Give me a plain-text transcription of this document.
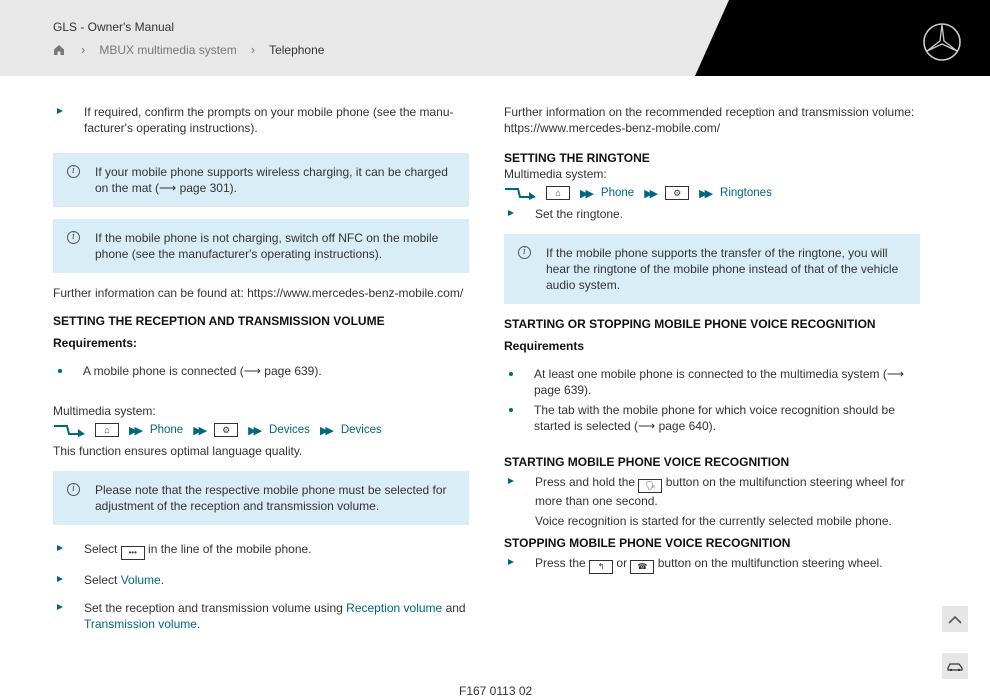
GLS - Owner's Manual
› MBUX multimedia system › Telephone
If required, confirm the prompts on your mobile phone (see the manu-facturer's operating instructions).
i	If your mobile phone supports wireless charging, it can be charged on the mat (⟶ page 301).
i	If the mobile phone is not charging, switch off NFC on the mobile phone (see the manufacturer's operating instructions).
Further information can be found at: https://www.mercedes-benz-mobile.com/
SETTING THE RECEPTION AND TRANSMISSION VOLUME
Requirements:
A mobile phone is connected (⟶ page 639).
Multimedia system:
⌂	▶▶ Phone ▶▶	⚙	▶▶ Devices ▶▶ Devices
This function ensures optimal language quality.
i	Please note that the respective mobile phone must be selected for adjustment of the reception and transmission volume.
Select ••• in the line of the mobile phone.
Select Volume.
Set the reception and transmission volume using Reception volume and Transmission volume.
Further information on the recommended reception and transmission volume: https://www.mercedes-benz-mobile.com/
SETTING THE RINGTONE
Multimedia system:
⌂	▶▶ Phone ▶▶	⚙	▶▶ Ringtones
Set the ringtone.
i	If the mobile phone supports the transfer of the ringtone, you will hear the ringtone of the mobile phone instead of that of the vehicle audio system.
STARTING OR STOPPING MOBILE PHONE VOICE RECOGNITION
Requirements
At least one mobile phone is connected to the multimedia system (⟶ page 639).
The tab with the mobile phone for which voice recognition should be started is selected (⟶ page 640).
STARTING MOBILE PHONE VOICE RECOGNITION
Press and hold the 🗣 button on the multifunction steering wheel for more than one second.
Voice recognition is started for the currently selected mobile phone.
STOPPING MOBILE PHONE VOICE RECOGNITION
Press the ↰ or ☎ button on the multifunction steering wheel.
F167 0113 02
